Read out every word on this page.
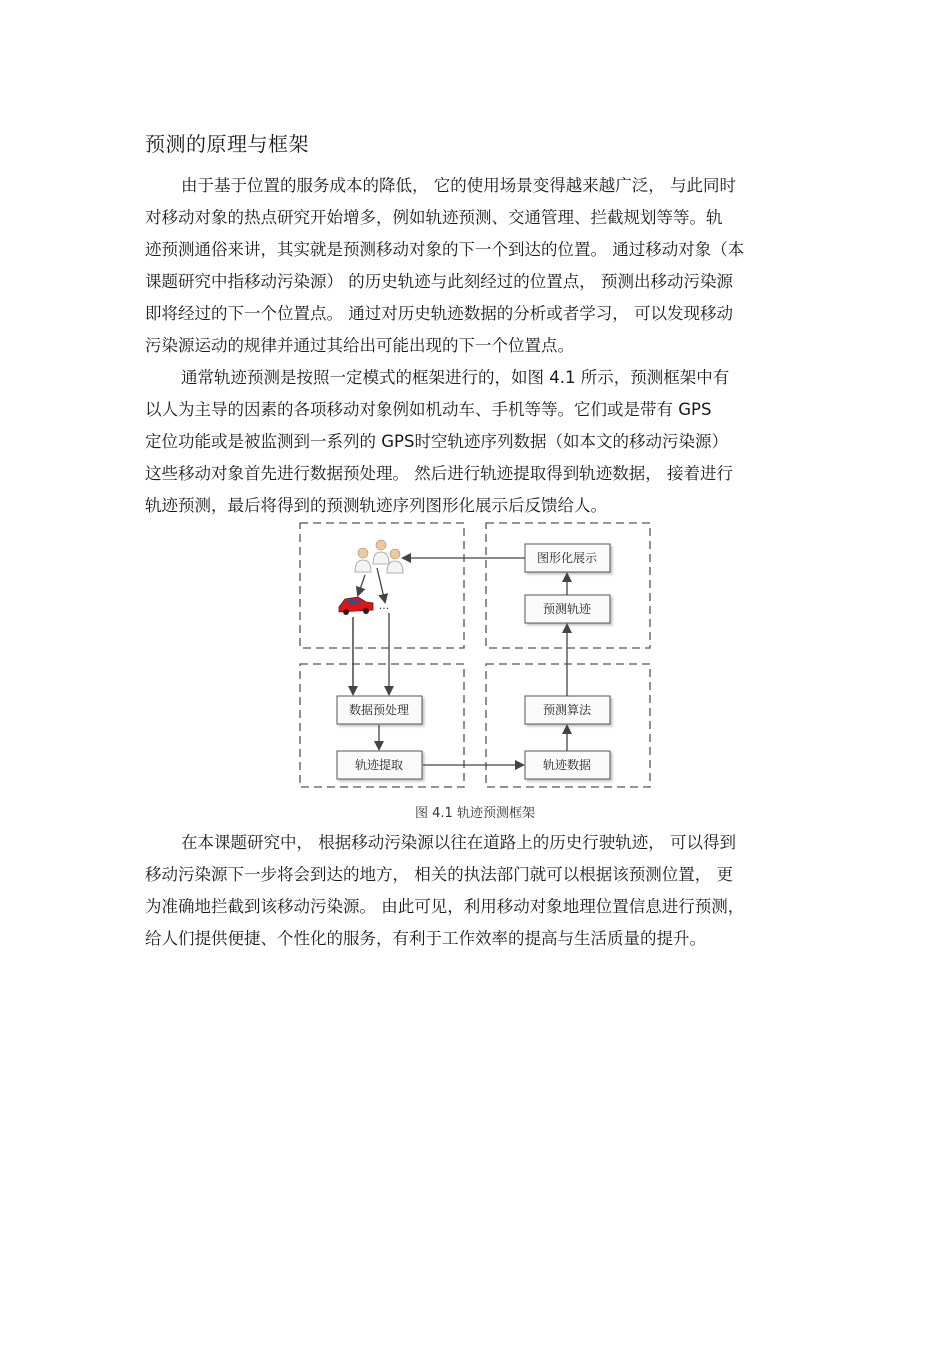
预测的原理与框架

由于基于位置的服务成本的降低， 它的使用场景变得越来越广泛， 与此同时
对移动对象的热点研究开始增多，例如轨迹预测、交通管理、拦截规划等等。轨
迹预测通俗来讲，其实就是预测移动对象的下一个到达的位置。 通过移动对象（本
课题研究中指移动污染源） 的历史轨迹与此刻经过的位置点， 预测出移动污染源
即将经过的下一个位置点。 通过对历史轨迹数据的分析或者学习， 可以发现移动
污染源运动的规律并通过其给出可能出现的下一个位置点。

通常轨迹预测是按照一定模式的框架进行的，如图 4.1 所示，预测框架中有
以人为主导的因素的各项移动对象例如机动车、手机等等。它们或是带有 GPS
定位功能或是被监测到一系列的 GPS时空轨迹序列数据（如本文的移动污染源）
这些移动对象首先进行数据预处理。 然后进行轨迹提取得到轨迹数据， 接着进行
轨迹预测，最后将得到的预测轨迹序列图形化展示后反馈给人。

...
图形化展示
预测轨迹
数据预处理	预测算法
轨迹提取	轨迹数据
图 4.1 轨迹预测框架

在本课题研究中， 根据移动污染源以往在道路上的历史行驶轨迹， 可以得到
移动污染源下一步将会到达的地方， 相关的执法部门就可以根据该预测位置， 更
为准确地拦截到该移动污染源。 由此可见，利用移动对象地理位置信息进行预测，
给人们提供便捷、个性化的服务，有利于工作效率的提高与生活质量的提升。
